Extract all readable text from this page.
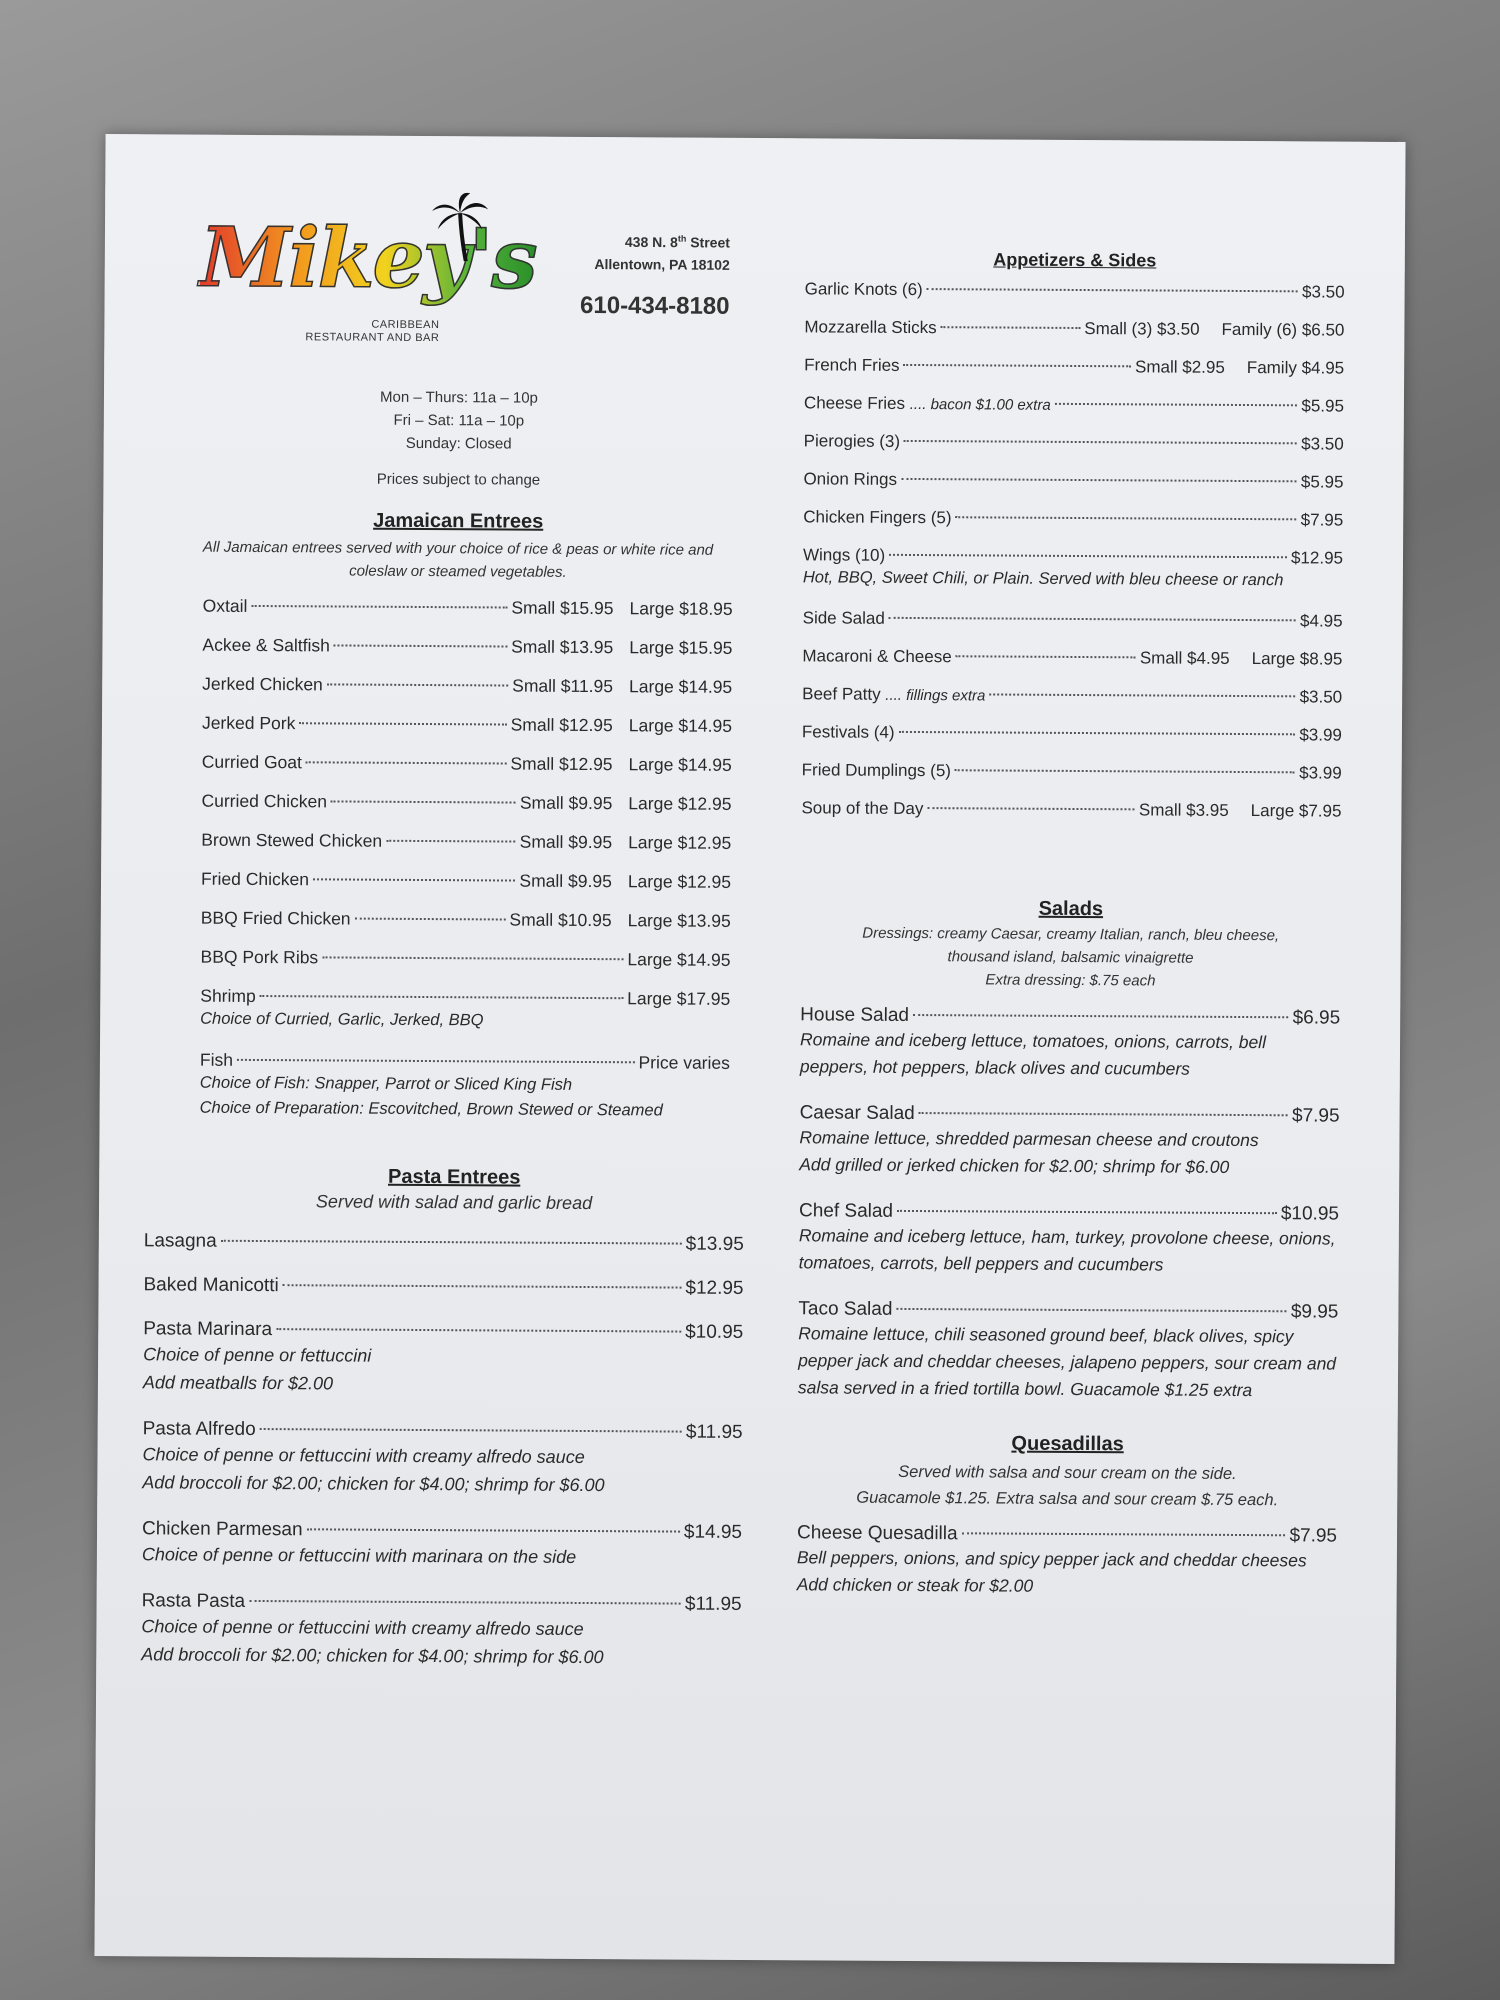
Mikey's
CARIBBEAN
RESTAURANT AND BAR
438 N. 8th Street
Allentown, PA 18102
610-434-8180
Mon – Thurs: 11a – 10p
Fri – Sat: 11a – 10p
Sunday: Closed
Prices subject to change
Jamaican Entrees
All Jamaican entrees served with your choice of rice & peas or white rice and coleslaw or steamed vegetables.
Oxtail	Small $15.95 Large $18.95
Ackee & Saltfish	Small $13.95 Large $15.95
Jerked Chicken	Small $11.95 Large $14.95
Jerked Pork	Small $12.95 Large $14.95
Curried Goat	Small $12.95 Large $14.95
Curried Chicken	Small $9.95 Large $12.95
Brown Stewed Chicken	Small $9.95 Large $12.95
Fried Chicken	Small $9.95 Large $12.95
BBQ Fried Chicken	Small $10.95 Large $13.95
BBQ Pork Ribs	Large $14.95
Shrimp	Large $17.95
Choice of Curried, Garlic, Jerked, BBQ
Fish	Price varies
Choice of Fish: Snapper, Parrot or Sliced King Fish
Choice of Preparation: Escovitched, Brown Stewed or Steamed
Pasta Entrees
Served with salad and garlic bread
Lasagna	$13.95
Baked Manicotti	$12.95
Pasta Marinara	$10.95
Choice of penne or fettuccini
Add meatballs for $2.00
Pasta Alfredo	$11.95
Choice of penne or fettuccini with creamy alfredo sauce
Add broccoli for $2.00; chicken for $4.00; shrimp for $6.00
Chicken Parmesan	$14.95
Choice of penne or fettuccini with marinara on the side
Rasta Pasta	$11.95
Choice of penne or fettuccini with creamy alfredo sauce
Add broccoli for $2.00; chicken for $4.00; shrimp for $6.00
Appetizers & Sides
Garlic Knots (6)	$3.50
Mozzarella Sticks	Small (3) $3.50 Family (6) $6.50
French Fries	Small $2.95 Family $4.95
Cheese Fries .... bacon $1.00 extra	$5.95
Pierogies (3)	$3.50
Onion Rings	$5.95
Chicken Fingers (5)	$7.95
Wings (10)	$12.95
Hot, BBQ, Sweet Chili, or Plain. Served with bleu cheese or ranch
Side Salad	$4.95
Macaroni & Cheese	Small $4.95 Large $8.95
Beef Patty .... fillings extra	$3.50
Festivals (4)	$3.99
Fried Dumplings (5)	$3.99
Soup of the Day	Small $3.95 Large $7.95
Salads
Dressings: creamy Caesar, creamy Italian, ranch, bleu cheese,
thousand island, balsamic vinaigrette
Extra dressing: $.75 each
House Salad	$6.95
Romaine and iceberg lettuce, tomatoes, onions, carrots, bell
peppers, hot peppers, black olives and cucumbers
Caesar Salad	$7.95
Romaine lettuce, shredded parmesan cheese and croutons
Add grilled or jerked chicken for $2.00; shrimp for $6.00
Chef Salad	$10.95
Romaine and iceberg lettuce, ham, turkey, provolone cheese, onions,
tomatoes, carrots, bell peppers and cucumbers
Taco Salad	$9.95
Romaine lettuce, chili seasoned ground beef, black olives, spicy
pepper jack and cheddar cheeses, jalapeno peppers, sour cream and
salsa served in a fried tortilla bowl. Guacamole $1.25 extra
Quesadillas
Served with salsa and sour cream on the side.
Guacamole $1.25. Extra salsa and sour cream $.75 each.
Cheese Quesadilla	$7.95
Bell peppers, onions, and spicy pepper jack and cheddar cheeses
Add chicken or steak for $2.00
